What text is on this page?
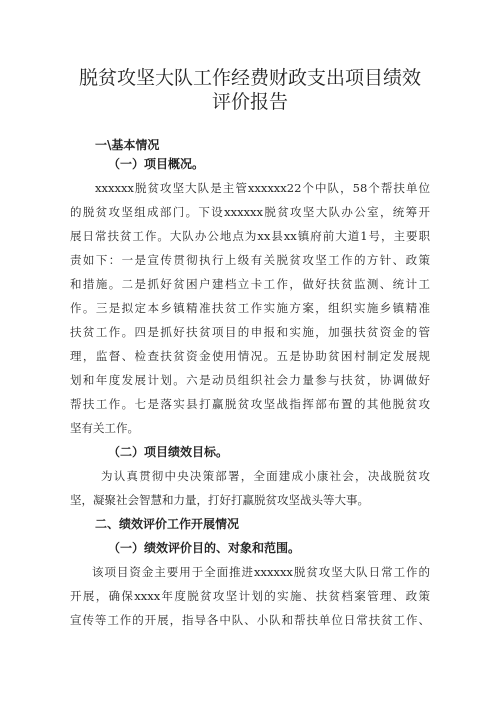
脱贫攻坚大队工作经费财政支出项目绩效
评价报告
一\基本情况
（一）项目概况。
xxxxxx脱贫攻坚大队是主管xxxxxx22个中队，58个帮扶单位
的脱贫攻坚组成部门。下设xxxxxx脱贫攻坚大队办公室，统筹开
展日常扶贫工作。大队办公地点为xx县xx镇府前大道1号，主要职
责如下：一是宣传贯彻执行上级有关脱贫攻坚工作的方针、政策
和措施。二是抓好贫困户建档立卡工作，做好扶贫监测、统计工
作。三是拟定本乡镇精准扶贫工作实施方案，组织实施乡镇精准
扶贫工作。四是抓好扶贫项目的申报和实施，加强扶贫资金的管
理，监督、检查扶贫资金使用情况。五是协助贫困村制定发展规
划和年度发展计划。六是动员组织社会力量参与扶贫，协调做好
帮扶工作。七是落实县打赢脱贫攻坚战指挥部布置的其他脱贫攻
坚有关工作。
（二）项目绩效目标。
为认真贯彻中央决策部署，全面建成小康社会，决战脱贫攻
坚，凝聚社会智慧和力量，打好打赢脱贫攻坚战头等大事。
二、绩效评价工作开展情况
（一）绩效评价目的、对象和范围。
该项目资金主要用于全面推进xxxxxx脱贫攻坚大队日常工作的
开展，确保xxxx年度脱贫攻坚计划的实施、扶贫档案管理、政策
宣传等工作的开展，指导各中队、小队和帮扶单位日常扶贫工作、
